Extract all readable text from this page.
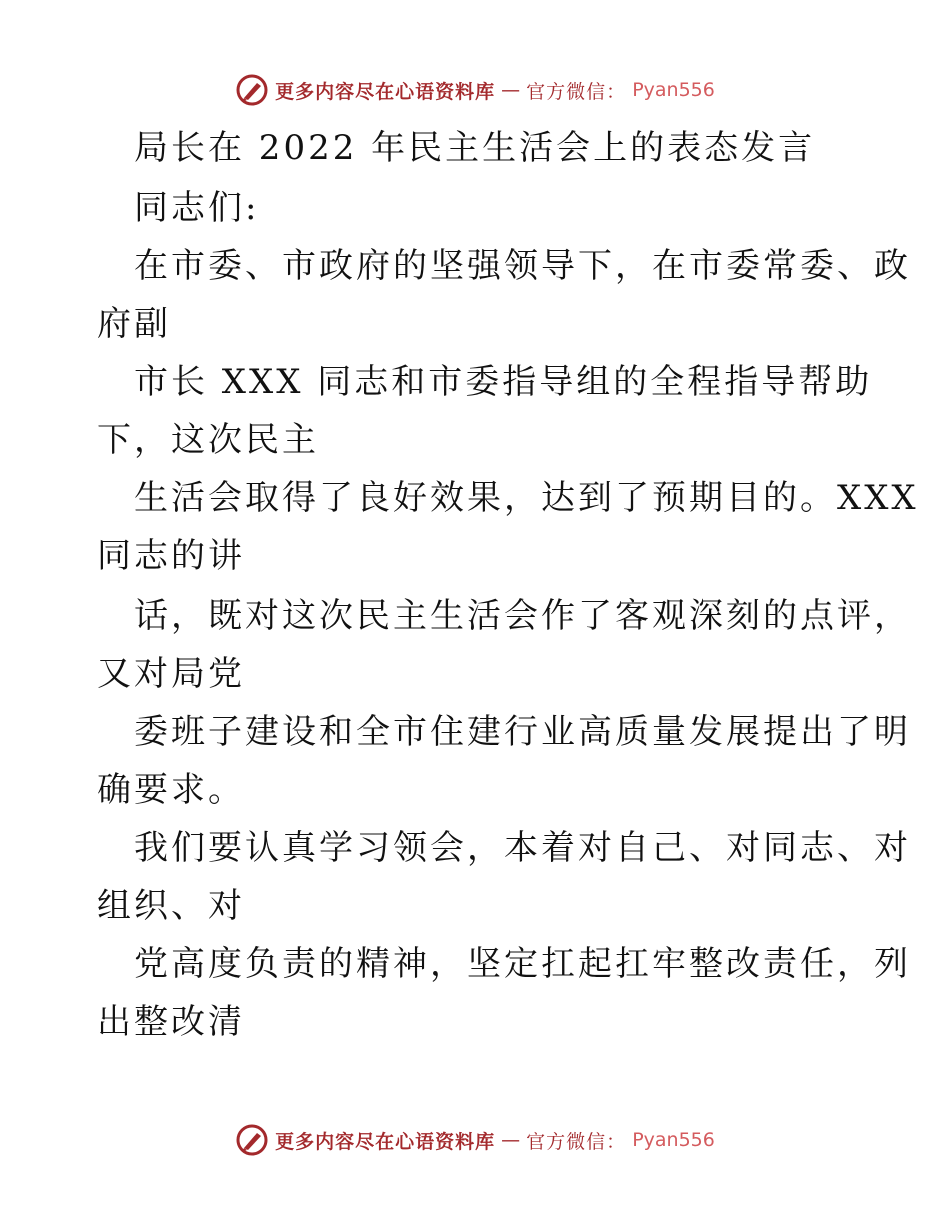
更多内容尽在心语资料库 — 官方微信： Pyan556
局长在 2022 年民主生活会上的表态发言
同志们:
在市委、市政府的坚强领导下，在市委常委、政
府副
市长 XXX 同志和市委指导组的全程指导帮助
下，这次民主
生活会取得了良好效果，达到了预期目的。XXX
同志的讲
话，既对这次民主生活会作了客观深刻的点评，
又对局党
委班子建设和全市住建行业高质量发展提出了明
确要求。
我们要认真学习领会，本着对自己、对同志、对
组织、对
党高度负责的精神，坚定扛起扛牢整改责任，列
出整改清
更多内容尽在心语资料库 — 官方微信： Pyan556
